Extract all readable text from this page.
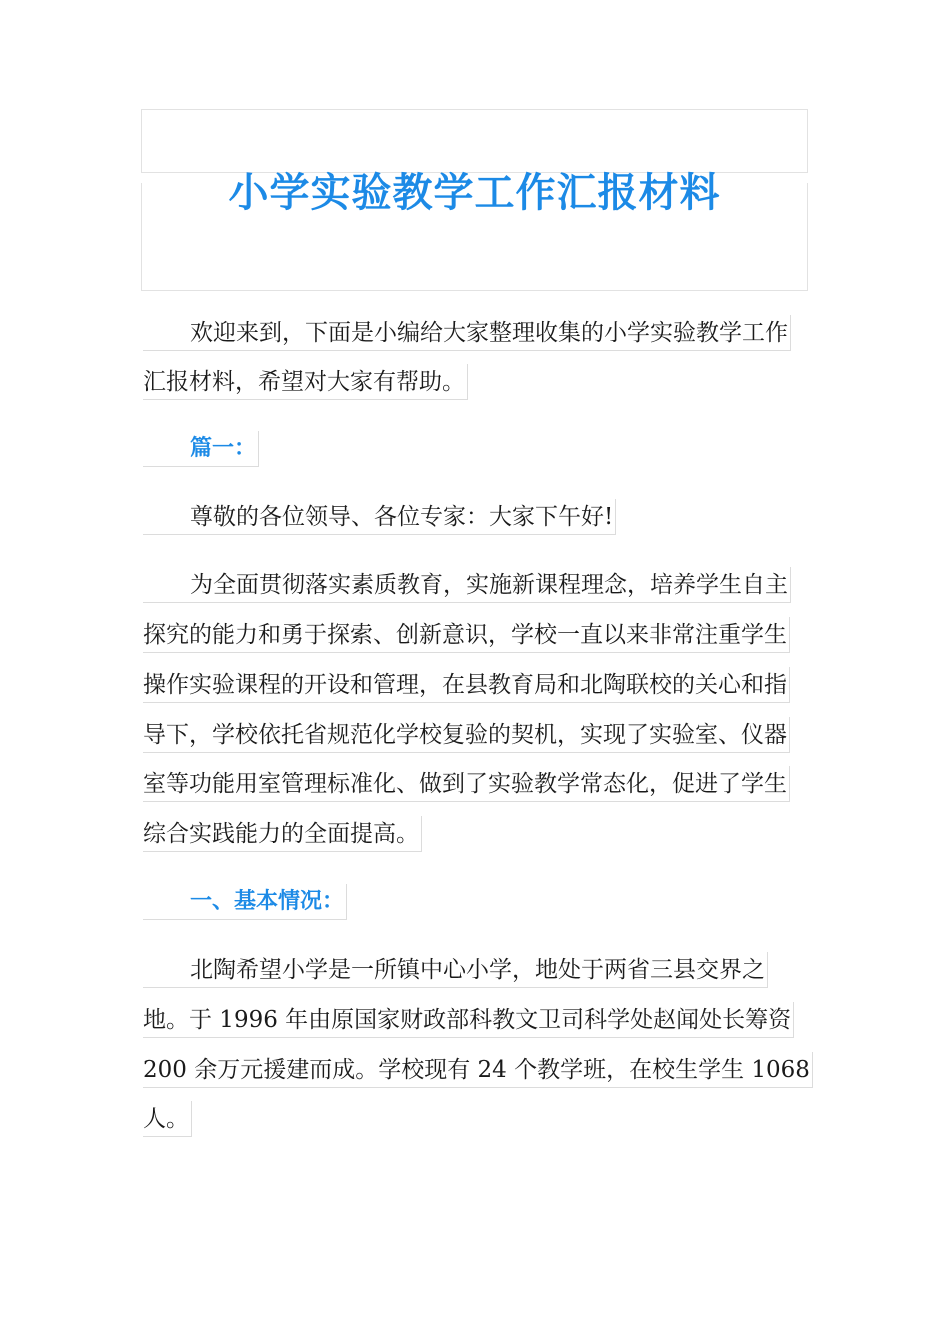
小学实验教学工作汇报材料
欢迎来到，下面是小编给大家整理收集的小学实验教学工作
汇报材料，希望对大家有帮助。
篇一：
尊敬的各位领导、各位专家：大家下午好!
为全面贯彻落实素质教育，实施新课程理念，培养学生自主
探究的能力和勇于探索、创新意识，学校一直以来非常注重学生
操作实验课程的开设和管理，在县教育局和北陶联校的关心和指
导下，学校依托省规范化学校复验的契机，实现了实验室、仪器
室等功能用室管理标准化、做到了实验教学常态化，促进了学生
综合实践能力的全面提高。
一、基本情况：
北陶希望小学是一所镇中心小学，地处于两省三县交界之
地。于 1996 年由原国家财政部科教文卫司科学处赵闻处长筹资
200 余万元援建而成。学校现有 24 个教学班，在校生学生 1068
人。
